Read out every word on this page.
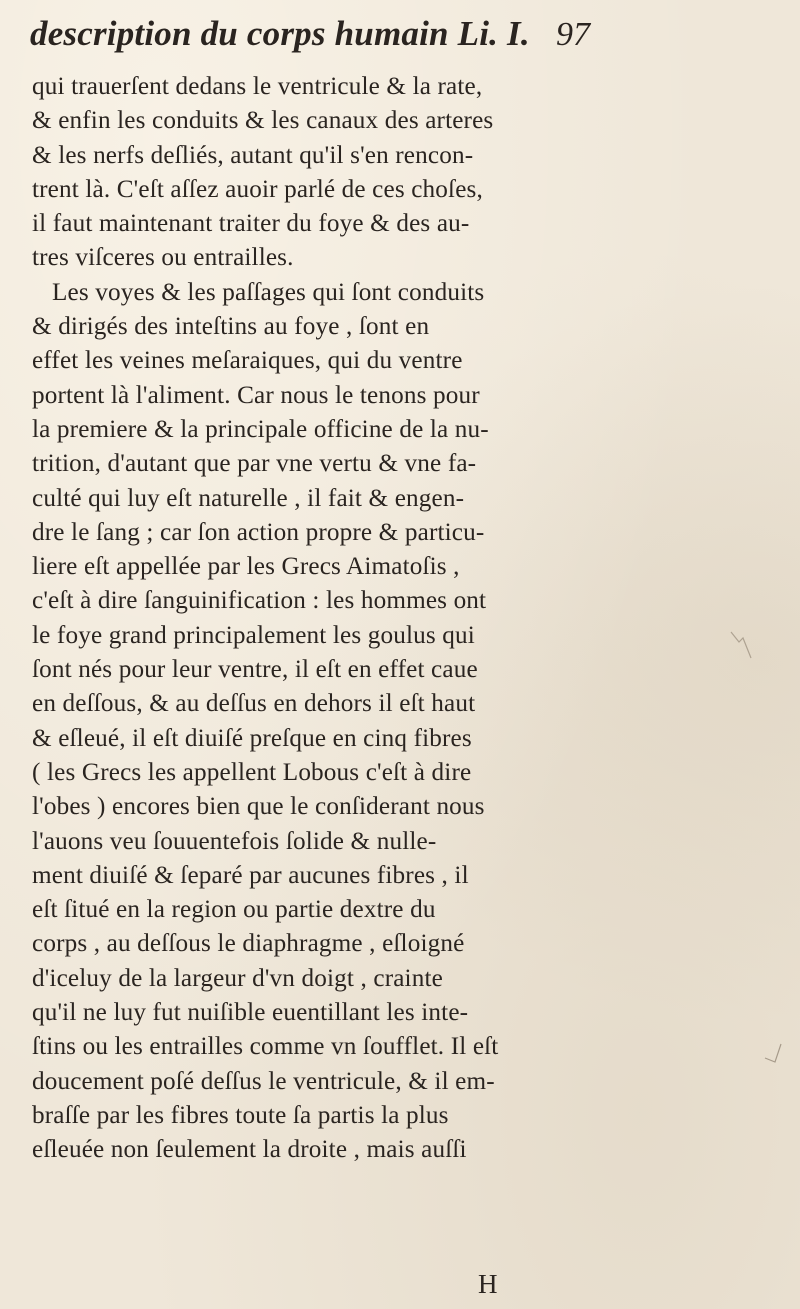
description du corps humain Li. I. 97
qui trauerſent dedans le ventricule & la rate,
& enfin les conduits & les canaux des arteres
& les nerfs deſliés, autant qu'il s'en rencon-
trent là. C'eſt aſſez auoir parlé de ces choſes,
il faut maintenant traiter du foye & des au-
tres viſceres ou entrailles.
Les voyes & les paſſages qui ſont conduits
& dirigés des inteſtins au foye , ſont en
effet les veines meſaraiques, qui du ventre
portent là l'aliment. Car nous le tenons pour
la premiere & la principale officine de la nu-
trition, d'autant que par vne vertu & vne fa-
culté qui luy eſt naturelle , il fait & engen-
dre le ſang ; car ſon action propre & particu-
liere eſt appellée par les Grecs Aimatoſis ,
c'eſt à dire ſanguinification : les hommes ont
le foye grand principalement les goulus qui
ſont nés pour leur ventre, il eſt en effet caue
en deſſous, & au deſſus en dehors il eſt haut
& eſleué, il eſt diuiſé preſque en cinq fibres
( les Grecs les appellent Lobous c'eſt à dire
l'obes ) encores bien que le conſiderant nous
l'auons veu ſouuentefois ſolide & nulle-
ment diuiſé & ſeparé par aucunes fibres , il
eſt ſitué en la region ou partie dextre du
corps , au deſſous le diaphragme , eſloigné
d'iceluy de la largeur d'vn doigt , crainte
qu'il ne luy fut nuiſible euentillant les inte-
ſtins ou les entrailles comme vn ſoufflet. Il eſt
doucement poſé deſſus le ventricule, & il em-
braſſe par les fibres toute ſa partis la plus
eſleuée non ſeulement la droite , mais auſſi
H
